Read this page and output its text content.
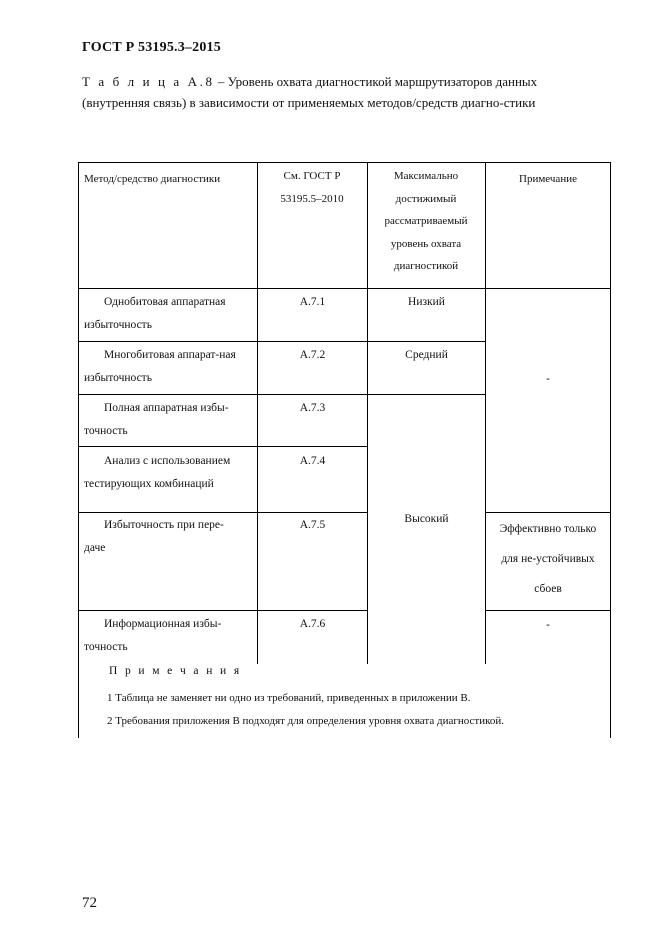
ГОСТ Р 53195.3–2015
Т а б л и ц а А.8 – Уровень охвата диагностикой маршрутизаторов данных (внутренняя связь) в зависимости от применяемых методов/средств диагно-стики
Метод/средство диагностики	См. ГОСТ Р 53195.5–2010
Максимально достижимый рассматриваемый уровень охвата диагностикой
Примечание
Однобитовая аппаратная избыточность
Многобитовая аппарат-ная избыточность
Полная аппаратная избы-точность
Анализ с использованием тестирующих комбинаций
Избыточность при пере-даче
Информационная избы-точность
А.7.1
А.7.2
А.7.3
А.7.4
А.7.5
А.7.6
Низкий
Средний
Высокий
-
Эффективно только для не-устойчивых сбоев
-
П р и м е ч а н и я
1 Таблица не заменяет ни одно из требований, приведенных в приложении В.
2 Требования приложения В подходят для определения уровня охвата диагностикой.
72
